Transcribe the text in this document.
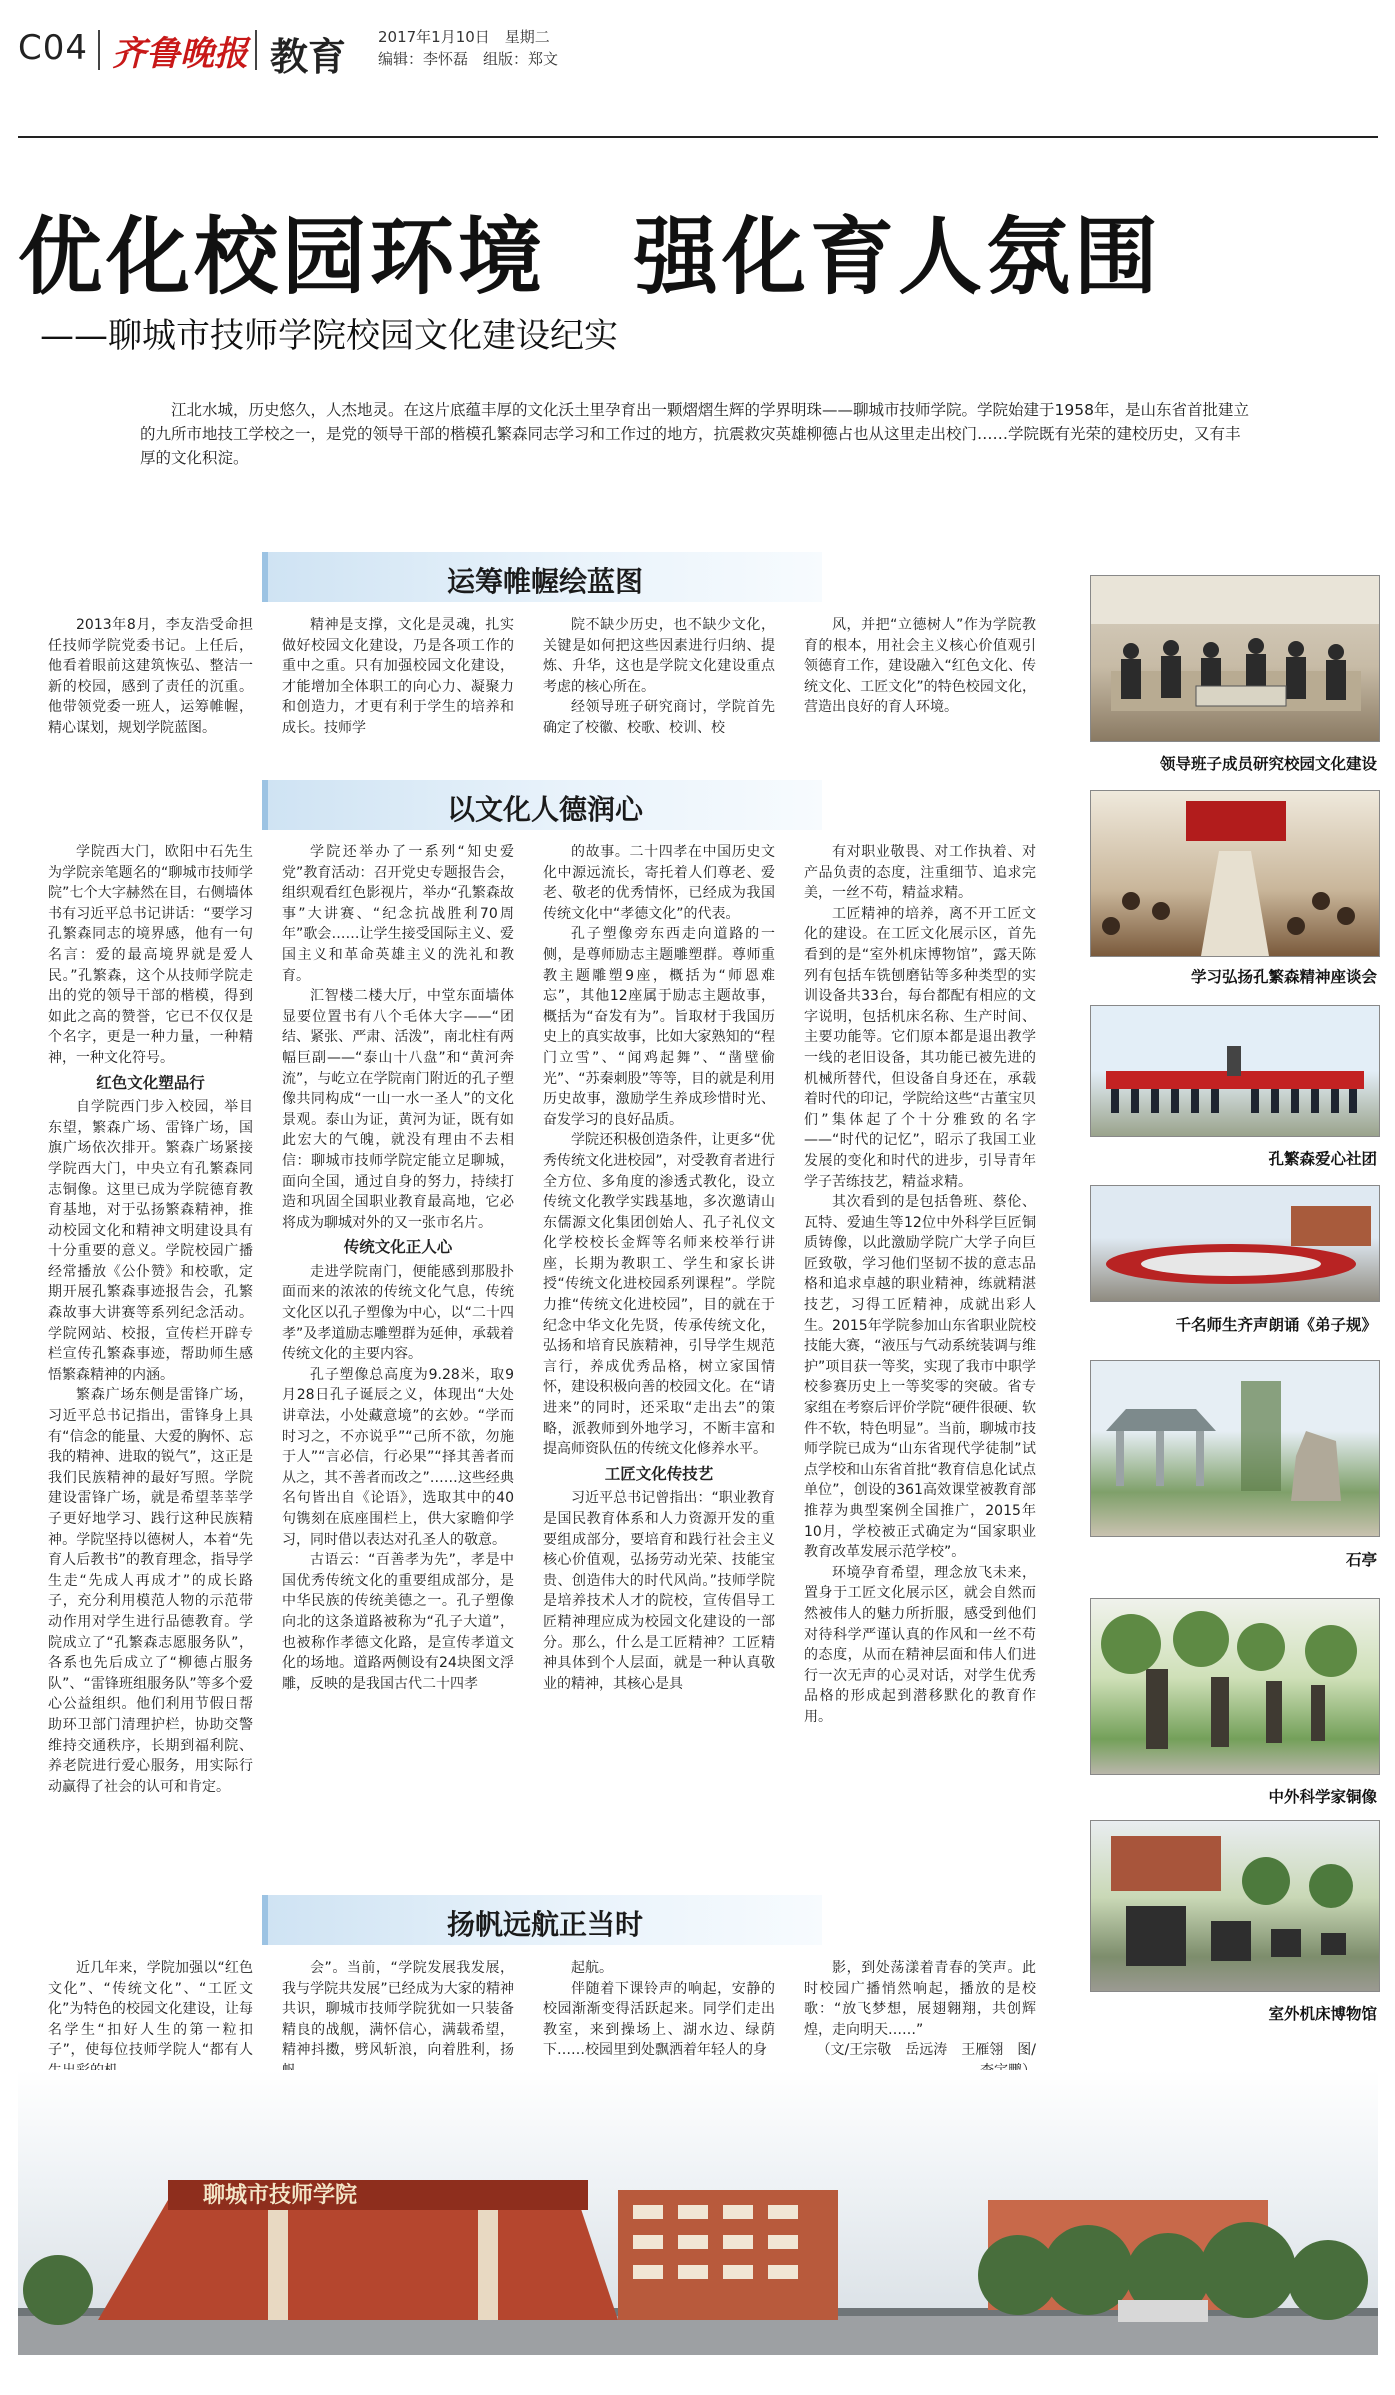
C04 齐鲁晚报 教育 2017年1月10日　星期二
编辑：李怀磊　组版：郑文
优化校园环境　强化育人氛围
——聊城市技师学院校园文化建设纪实
江北水城，历史悠久，人杰地灵。在这片底蕴丰厚的文化沃土里孕育出一颗熠熠生辉的学界明珠——聊城市技师学院。学院始建于1958年，是山东省首批建立的九所市地技工学校之一，是党的领导干部的楷模孔繁森同志学习和工作过的地方，抗震救灾英雄柳德占也从这里走出校门……学院既有光荣的建校历史，又有丰厚的文化积淀。
运筹帷幄绘蓝图

2013年8月，李友浩受命担任技师学院党委书记。上任后，他看着眼前这建筑恢弘、整洁一新的校园，感到了责任的沉重。他带领党委一班人，运筹帷幄，精心谋划，规划学院蓝图。

精神是支撑，文化是灵魂，扎实做好校园文化建设，乃是各项工作的重中之重。只有加强校园文化建设，才能增加全体职工的向心力、凝聚力和创造力，才更有利于学生的培养和成长。技师学

院不缺少历史，也不缺少文化，关键是如何把这些因素进行归纳、提炼、升华，这也是学院文化建设重点考虑的核心所在。

经领导班子研究商讨，学院首先确定了校徽、校歌、校训、校

风，并把“立德树人”作为学院教育的根本，用社会主义核心价值观引领德育工作，建设融入“红色文化、传统文化、工匠文化”的特色校园文化，营造出良好的育人环境。

以文化人德润心

学院西大门，欧阳中石先生为学院亲笔题名的“聊城市技师学院”七个大字赫然在目，右侧墙体书有习近平总书记讲话：“要学习孔繁森同志的境界感，他有一句名言：爱的最高境界就是爱人民。”孔繁森，这个从技师学院走出的党的领导干部的楷模，得到如此之高的赞誉，它已不仅仅是个名字，更是一种力量，一种精神，一种文化符号。

红色文化塑品行

自学院西门步入校园，举目东望，繁森广场、雷锋广场，国旗广场依次排开。繁森广场紧接学院西大门，中央立有孔繁森同志铜像。这里已成为学院德育教育基地，对于弘扬繁森精神，推动校园文化和精神文明建设具有十分重要的意义。学院校园广播经常播放《公仆赞》和校歌，定期开展孔繁森事迹报告会，孔繁森故事大讲赛等系列纪念活动。学院网站、校报，宣传栏开辟专栏宣传孔繁森事迹，帮助师生感悟繁森精神的内涵。

繁森广场东侧是雷锋广场，习近平总书记指出，雷锋身上具有“信念的能量、大爱的胸怀、忘我的精神、进取的锐气”，这正是我们民族精神的最好写照。学院建设雷锋广场，就是希望莘莘学子更好地学习、践行这种民族精神。学院坚持以德树人，本着“先育人后教书”的教育理念，指导学生走“先成人再成才”的成长路子，充分利用模范人物的示范带动作用对学生进行品德教育。学院成立了“孔繁森志愿服务队”，各系也先后成立了“柳德占服务队”、“雷锋班组服务队”等多个爱心公益组织。他们利用节假日帮助环卫部门清理护栏，协助交警维持交通秩序，长期到福利院、养老院进行爱心服务，用实际行动赢得了社会的认可和肯定。

学院还举办了一系列“知史爱党”教育活动：召开党史专题报告会，组织观看红色影视片，举办“孔繁森故事”大讲赛、“纪念抗战胜利70周年”歌会……让学生接受国际主义、爱国主义和革命英雄主义的洗礼和教育。

汇智楼二楼大厅，中堂东面墙体显要位置书有八个毛体大字——“团结、紧张、严肃、活泼”，南北柱有两幅巨副——“泰山十八盘”和“黄河奔流”，与屹立在学院南门附近的孔子塑像共同构成“一山一水一圣人”的文化景观。泰山为证，黄河为证，既有如此宏大的气魄，就没有理由不去相信：聊城市技师学院定能立足聊城，面向全国，通过自身的努力，持续打造和巩固全国职业教育最高地，它必将成为聊城对外的又一张市名片。

传统文化正人心

走进学院南门，便能感到那股扑面而来的浓浓的传统文化气息，传统文化区以孔子塑像为中心，以“二十四孝”及孝道励志雕塑群为延伸，承载着传统文化的主要内容。

孔子塑像总高度为9.28米，取9月28日孔子诞辰之义，体现出“大处讲章法，小处藏意境”的玄妙。“学而时习之，不亦说乎”“己所不欲，勿施于人”“言必信，行必果”“择其善者而从之，其不善者而改之”……这些经典名句皆出自《论语》，选取其中的40句镌刻在底座围栏上，供大家瞻仰学习，同时借以表达对孔圣人的敬意。

古语云：“百善孝为先”，孝是中国优秀传统文化的重要组成部分，是中华民族的传统美德之一。孔子塑像向北的这条道路被称为“孔子大道”，也被称作孝德文化路，是宣传孝道文化的场地。道路两侧设有24块图文浮雕，反映的是我国古代二十四孝

的故事。二十四孝在中国历史文化中源远流长，寄托着人们尊老、爱老、敬老的优秀情怀，已经成为我国传统文化中“孝德文化”的代表。

孔子塑像旁东西走向道路的一侧，是尊师励志主题雕塑群。尊师重教主题雕塑9座，概括为“师恩难忘”，其他12座属于励志主题故事，概括为“奋发有为”。旨取材于我国历史上的真实故事，比如大家熟知的“程门立雪”、“闻鸡起舞”、“凿壁偷光”、“苏秦刺股”等等，目的就是利用历史故事，激励学生养成珍惜时光、奋发学习的良好品质。

学院还积极创造条件，让更多“优秀传统文化进校园”，对受教育者进行全方位、多角度的渗透式教化，设立传统文化教学实践基地，多次邀请山东儒源文化集团创始人、孔子礼仪文化学校校长金辉等名师来校举行讲座，长期为教职工、学生和家长讲授“传统文化进校园系列课程”。学院力推“传统文化进校园”，目的就在于纪念中华文化先贤，传承传统文化，弘扬和培育民族精神，引导学生规范言行，养成优秀品格，树立家国情怀，建设积极向善的校园文化。在“请进来”的同时，还采取“走出去”的策略，派教师到外地学习，不断丰富和提高师资队伍的传统文化修养水平。

工匠文化传技艺

习近平总书记曾指出：“职业教育是国民教育体系和人力资源开发的重要组成部分，要培育和践行社会主义核心价值观，弘扬劳动光荣、技能宝贵、创造伟大的时代风尚。”技师学院是培养技术人才的院校，宣传倡导工匠精神理应成为校园文化建设的一部分。那么，什么是工匠精神？工匠精神具体到个人层面，就是一种认真敬业的精神，其核心是具

有对职业敬畏、对工作执着、对产品负责的态度，注重细节、追求完美，一丝不苟，精益求精。

工匠精神的培养，离不开工匠文化的建设。在工匠文化展示区，首先看到的是“室外机床博物馆”，露天陈列有包括车铣刨磨钻等多种类型的实训设备共33台，每台都配有相应的文字说明，包括机床名称、生产时间、主要功能等。它们原本都是退出教学一线的老旧设备，其功能已被先进的机械所替代，但设备自身还在，承载着时代的印记，学院给这些“古董宝贝们”集体起了个十分雅致的名字——“时代的记忆”，昭示了我国工业发展的变化和时代的进步，引导青年学子苦练技艺，精益求精。

其次看到的是包括鲁班、蔡伦、瓦特、爱迪生等12位中外科学巨匠铜质铸像，以此激励学院广大学子向巨匠致敬，学习他们坚韧不拔的意志品格和追求卓越的职业精神，练就精湛技艺，习得工匠精神，成就出彩人生。2015年学院参加山东省职业院校技能大赛，“液压与气动系统装调与维护”项目获一等奖，实现了我市中职学校参赛历史上一等奖零的突破。省专家组在考察后评价学院“硬件很硬、软件不软，特色明显”。当前，聊城市技师学院已成为“山东省现代学徒制”试点学校和山东省首批“教育信息化试点单位”，创设的361高效课堂被教育部推荐为典型案例全国推广，2015年10月，学校被正式确定为“国家职业教育改革发展示范学校”。

环境孕育希望，理念放飞未来，置身于工匠文化展示区，就会自然而然被伟人的魅力所折服，感受到他们对待科学严谨认真的作风和一丝不苟的态度，从而在精神层面和伟人们进行一次无声的心灵对话，对学生优秀品格的形成起到潜移默化的教育作用。

扬帆远航正当时

近几年来，学院加强以“红色文化”、“传统文化”、“工匠文化”为特色的校园文化建设，让每名学生“扣好人生的第一粒扣子”，使每位技师学院人“都有人

会”。当前，“学院发展我发展，我与学院共发展”已经成为大家的精神共识，聊城市技师学院犹如一只装备精良的战舰，满怀信心，满载希望，精神抖擞，劈风斩浪，向着胜利，扬

起航。

伴随着下课铃声的响起，安静的校园渐渐变得活跃起来。同学们走出教室，来到操场上、湖水边、绿荫下……校园里到处飘洒着年轻人的身

影，到处荡漾着青春的笑声。此时校园广播悄然响起，播放的是校歌：“放飞梦想，展翅翱翔，共创辉煌，走向明天……”

（文/王宗敬　岳远涛　王雁翎　图/

领导班子成员研究校园文化建设
学习弘扬孔繁森精神座谈会
孔繁森爱心社团
千名师生齐声朗诵《弟子规》
石亭
中外科学家铜像
室外机床博物馆
聊城市技师学院
